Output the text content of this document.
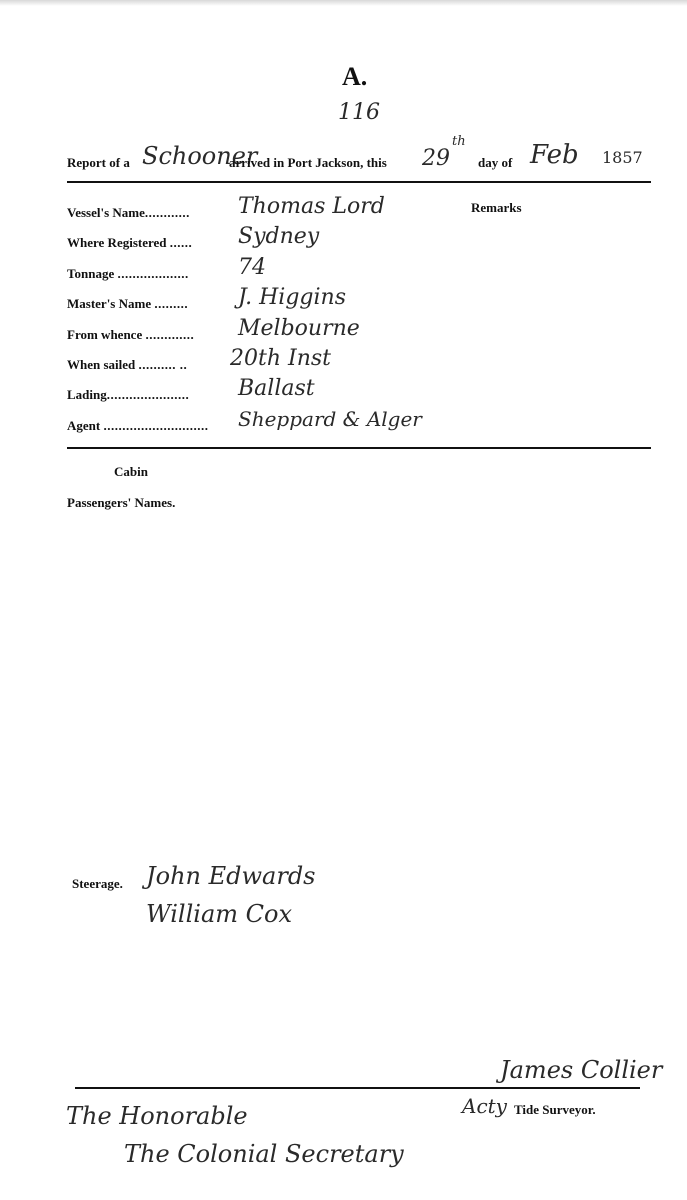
A.
116
Report of a Schooner
arrived in Port Jackson, this 29
th
day of Feb 1857
Vessel's Name............ Thomas Lord
Where Registered ...... Sydney
Tonnage ................... 74
Master's Name ......... J. Higgins
From whence ............. Melbourne
When sailed .......... .. 20th Inst
Lading...................... Ballast
Agent ............................ Sheppard & Alger
Remarks
Cabin
Passengers' Names.
Steerage. John Edwards
William Cox
James Collier
Acty Tide Surveyor.
The Honorable
The Colonial Secretary
